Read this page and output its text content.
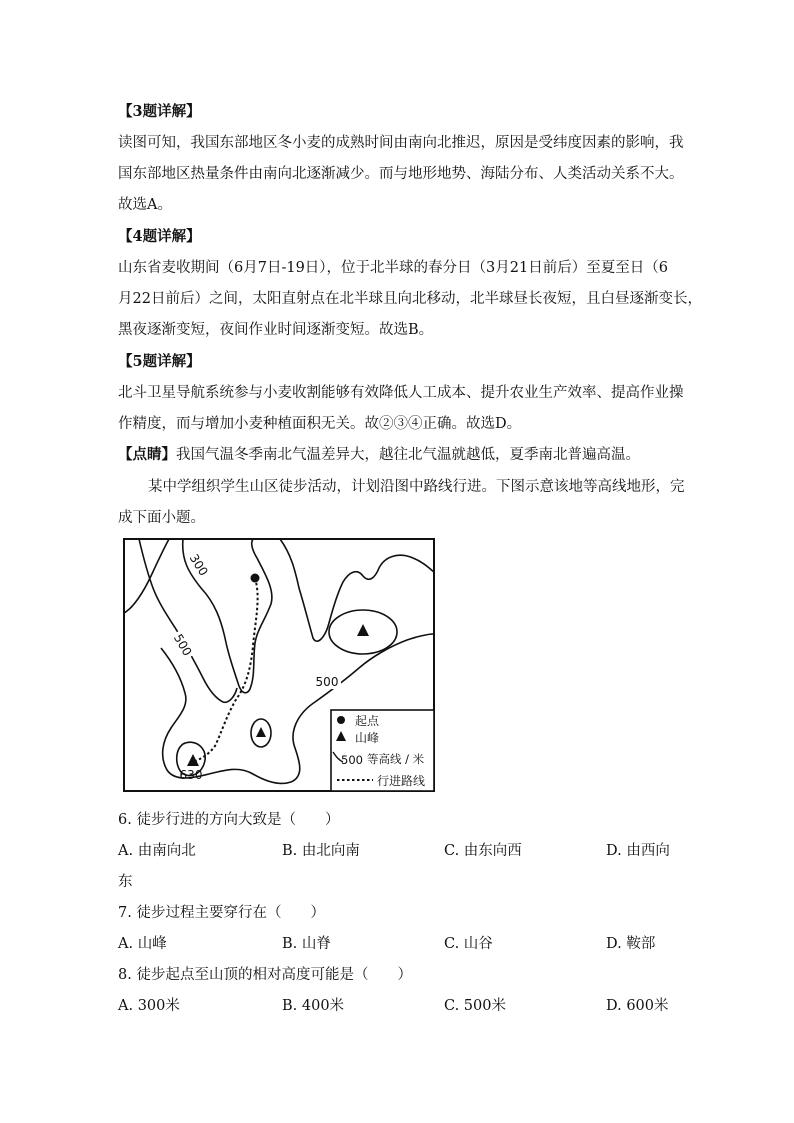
【3题详解】
读图可知，我国东部地区冬小麦的成熟时间由南向北推迟，原因是受纬度因素的影响，我
国东部地区热量条件由南向北逐渐减少。而与地形地势、海陆分布、人类活动关系不大。
故选A。
【4题详解】
山东省麦收期间（6月7日-19日），位于北半球的春分日（3月21日前后）至夏至日（6
月22日前后）之间，太阳直射点在北半球且向北移动，北半球昼长夜短，且白昼逐渐变长，
黑夜逐渐变短，夜间作业时间逐渐变短。故选B。
【5题详解】
北斗卫星导航系统参与小麦收割能够有效降低人工成本、提升农业生产效率、提高作业操
作精度，而与增加小麦种植面积无关。故②③④正确。故选D。
【点睛】我国气温冬季南北气温差异大，越往北气温就越低，夏季南北普遍高温。
某中学组织学生山区徒步活动，计划沿图中路线行进。下图示意该地等高线地形，完
成下面小题。
300
500
500
630
起点
山峰
500 等高线 / 米
行进路线
6. 徒步行进的方向大致是（　　）
A. 由南向北	B. 由北向南	C. 由东向西	D. 由西向
东
7. 徒步过程主要穿行在（　　）
A. 山峰	B. 山脊	C. 山谷	D. 鞍部
8. 徒步起点至山顶的相对高度可能是（　　）
A. 300米	B. 400米	C. 500米	D. 600米
